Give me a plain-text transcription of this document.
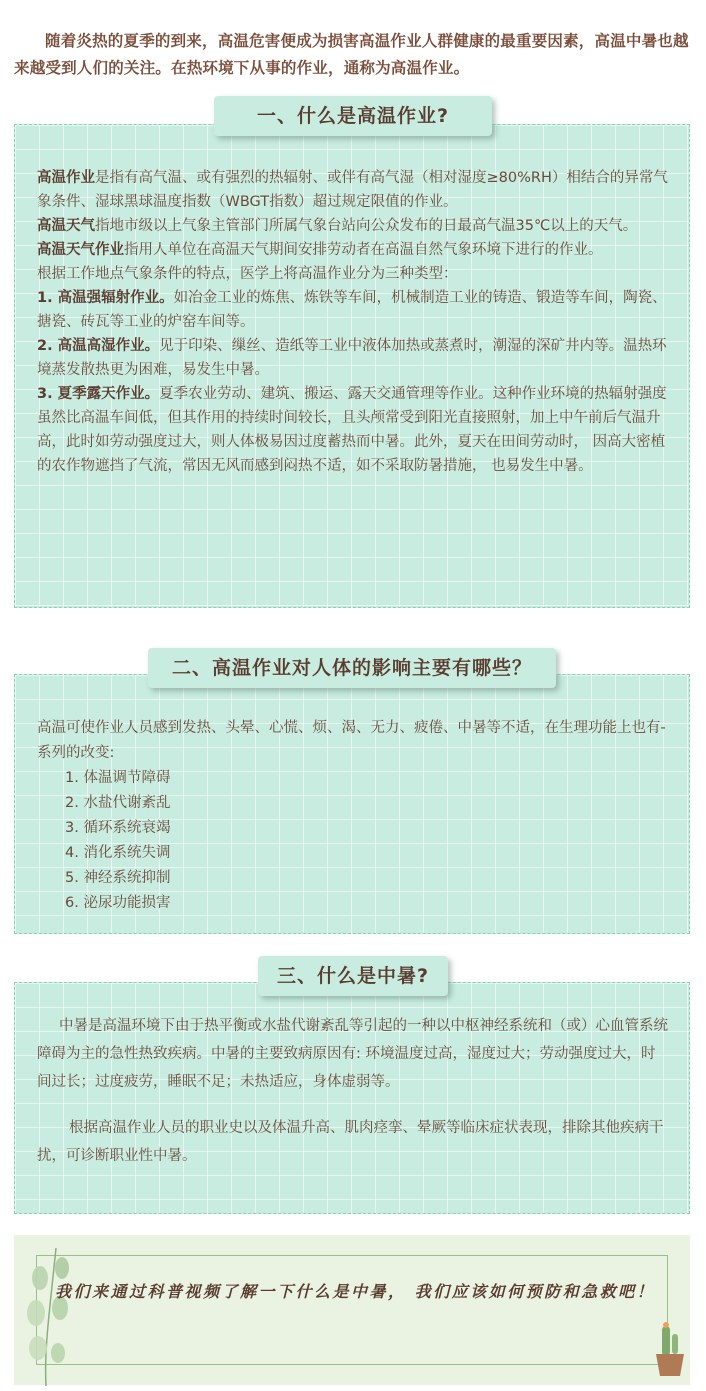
随着炎热的夏季的到来，高温危害便成为损害高温作业人群健康的最重要因素，高温中暑也越来越受到人们的关注。在热环境下从事的作业，通称为高温作业。

一、什么是高温作业?

高温作业是指有高气温、或有强烈的热辐射、或伴有高气湿（相对湿度≥80%RH）相结合的异常气象条件、湿球黑球温度指数（WBGT指数）超过规定限值的作业。

高温天气指地市级以上气象主管部门所属气象台站向公众发布的日最高气温35℃以上的天气。

高温天气作业指用人单位在高温天气期间安排劳动者在高温自然气象环境下进行的作业。

根据工作地点气象条件的特点，医学上将高温作业分为三种类型：

1. 高温强辐射作业。如冶金工业的炼焦、炼铁等车间，机械制造工业的铸造、锻造等车间，陶瓷、搪瓷、砖瓦等工业的炉窑车间等。

2. 高温高湿作业。见于印染、缫丝、造纸等工业中液体加热或蒸煮时，潮湿的深矿井内等。温热环境蒸发散热更为困难，易发生中暑。

3. 夏季露天作业。夏季农业劳动、建筑、搬运、露天交通管理等作业。这种作业环境的热辐射强度虽然比高温车间低，但其作用的持续时间较长，且头颅常受到阳光直接照射，加上中午前后气温升高，此时如劳动强度过大，则人体极易因过度蓄热而中暑。此外，夏天在田间劳动时， 因高大密植的农作物遮挡了气流，常因无风而感到闷热不适，如不采取防暑措施， 也易发生中暑。

二、高温作业对人体的影响主要有哪些？

高温可使作业人员感到发热、头晕、心慌、烦、渴、无力、疲倦、中暑等不适，在生理功能上也有-系列的改变:

1. 体温调节障碍
2. 水盐代谢紊乱
3. 循环系统衰竭
4. 消化系统失调
5. 神经系统抑制
6. 泌尿功能损害
三、什么是中暑?

中暑是高温环境下由于热平衡或水盐代谢紊乱等引起的一种以中枢神经系统和（或）心血管系统障碍为主的急性热致疾病。中暑的主要致病原因有: 环境温度过高，湿度过大；劳动强度过大，时间过长；过度疲劳，睡眠不足；未热适应，身体虚弱等。

根据高温作业人员的职业史以及体温升高、肌肉痉挛、晕厥等临床症状表现，排除其他疾病干扰，可诊断职业性中暑。

我们来通过科普视频了解一下什么是中暑， 我们应该如何预防和急救吧！
